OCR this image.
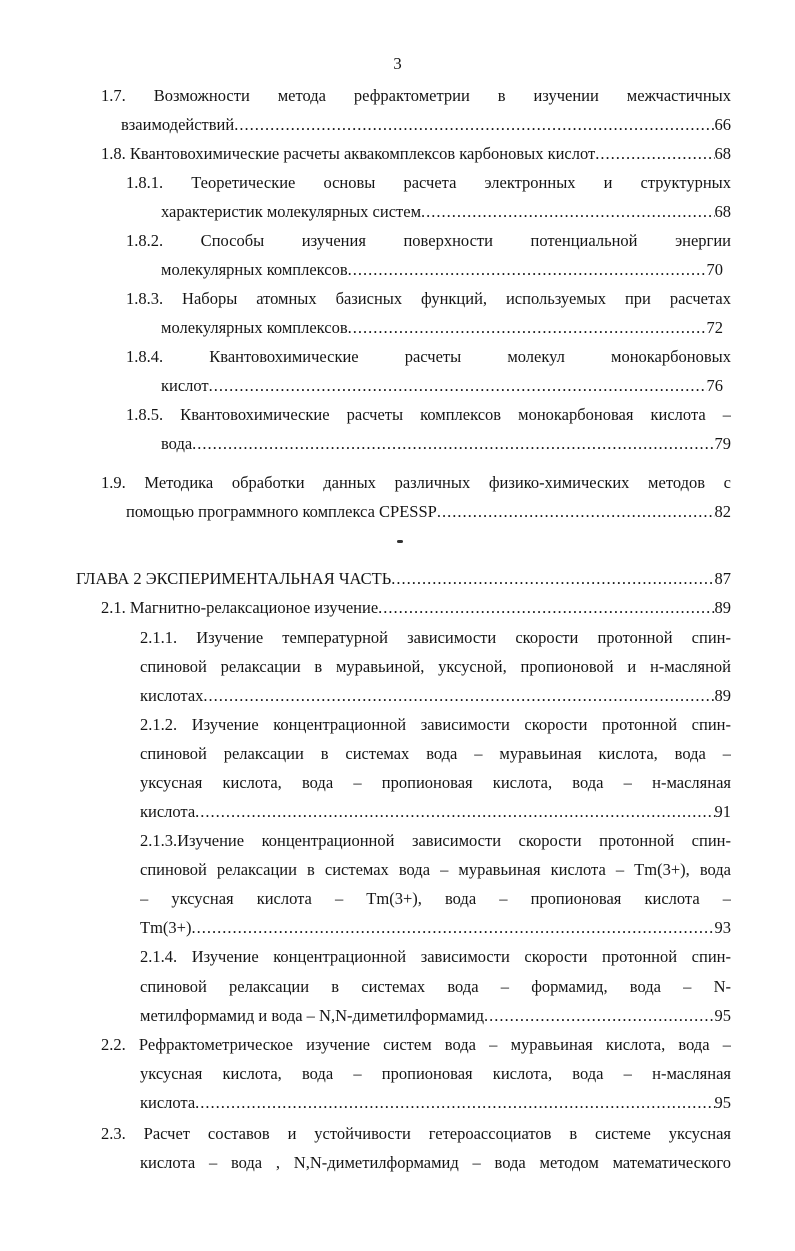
3
1.7. Возможности метода рефрактометрии в изучении межчастичных
взаимодействий .....	66
1.8. Квантовохимические расчеты аквакомплексов карбоновых кислот .....	68
1.8.1. Теоретические основы расчета электронных и структурных
характеристик молекулярных систем .....	68
1.8.2. Способы изучения поверхности потенциальной энергии
молекулярных комплексов .....	70
1.8.3. Наборы атомных базисных функций, используемых при расчетах
молекулярных комплексов .....	72
1.8.4. Квантовохимические расчеты молекул монокарбоновых
кислот .....	76
1.8.5. Квантовохимические расчеты комплексов монокарбоновая кислота –
вода .....	79
1.9. Методика обработки данных различных физико-химических методов с
помощью программного комплекса CPESSP .....	82
ГЛАВА 2 ЭКСПЕРИМЕНТАЛЬНАЯ ЧАСТЬ .....	87
2.1. Магнитно-релаксационое изучение .....	89
2.1.1. Изучение температурной зависимости скорости протонной спин-
спиновой релаксации в муравьиной, уксусной, пропионовой и н-масляной
кислотах .....	89
2.1.2. Изучение концентрационной зависимости скорости протонной спин-
спиновой релаксации в системах вода – муравьиная кислота, вода –
уксусная кислота, вода – пропионовая кислота, вода – н-масляная
кислота .....	91
2.1.3.Изучение концентрационной зависимости скорости протонной спин-
спиновой релаксации в системах вода – муравьиная кислота – Tm(3+), вода
– уксусная кислота – Tm(3+), вода – пропионовая кислота –
Tm(3+) .....	93
2.1.4. Изучение концентрационной зависимости скорости протонной спин-
спиновой релаксации в системах вода – формамид, вода – N-
метилформамид и вода – N,N-диметилформамид .....	95
2.2. Рефрактометрическое изучение систем вода – муравьиная кислота, вода –
уксусная кислота, вода – пропионовая кислота, вода – н-масляная
кислота .....	95
2.3. Расчет составов и устойчивости гетероассоциатов в системе уксусная
кислота – вода , N,N-диметилформамид – вода методом математического
